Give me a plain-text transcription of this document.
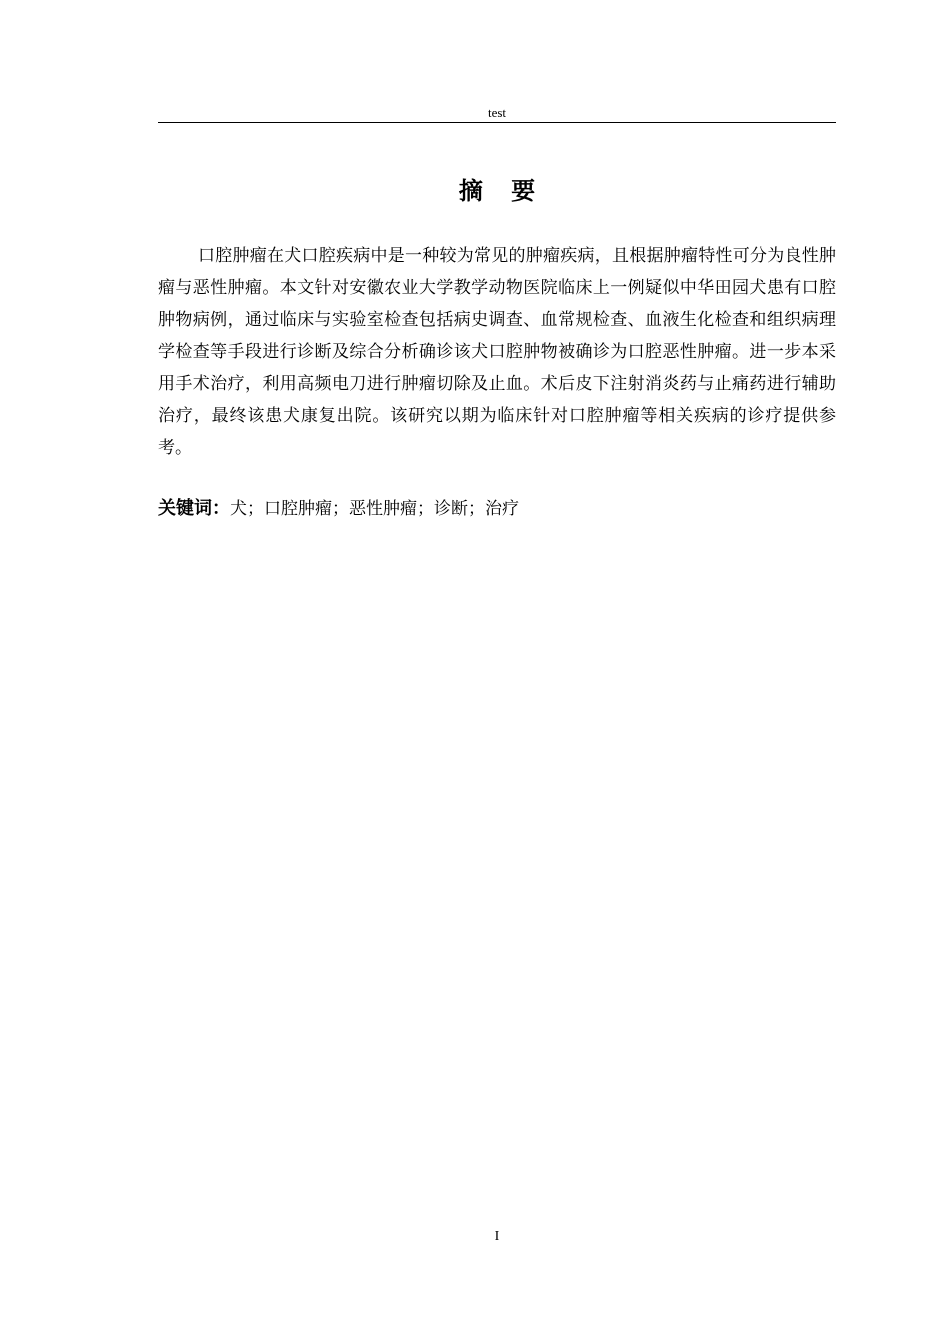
test
摘 要

口腔肿瘤在犬口腔疾病中是一种较为常见的肿瘤疾病，且根据肿瘤特性可分为良性肿瘤与恶性肿瘤。本文针对安徽农业大学教学动物医院临床上一例疑似中华田园犬患有口腔肿物病例，通过临床与实验室检查包括病史调查、血常规检查、血液生化检查和组织病理学检查等手段进行诊断及综合分析确诊该犬口腔肿物被确诊为口腔恶性肿瘤。进一步本采用手术治疗，利用高频电刀进行肿瘤切除及止血。术后皮下注射消炎药与止痛药进行辅助治疗，最终该患犬康复出院。该研究以期为临床针对口腔肿瘤等相关疾病的诊疗提供参考。

关键词：犬；口腔肿瘤；恶性肿瘤；诊断；治疗
I
